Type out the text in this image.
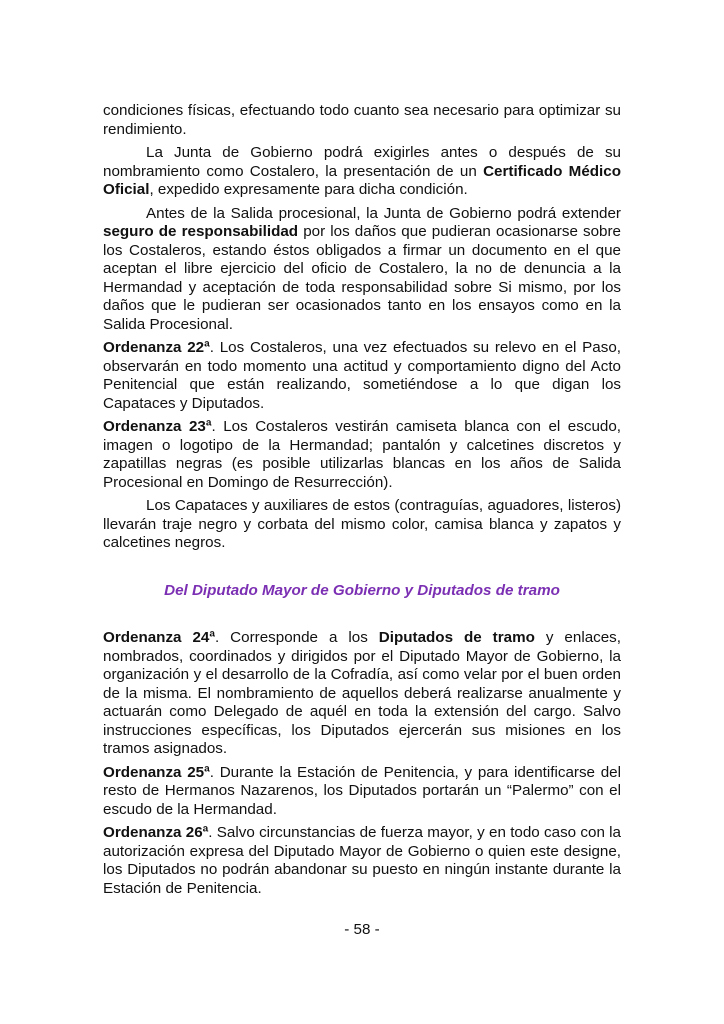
condiciones físicas, efectuando todo cuanto sea necesario para optimizar su rendimiento.

La Junta de Gobierno podrá exigirles antes o después de su nombramiento como Costalero, la presentación de un Certificado Médico Oficial, expedido expresamente para dicha condición.

Antes de la Salida procesional, la Junta de Gobierno podrá extender seguro de responsabilidad por los daños que pudieran ocasionarse sobre los Costaleros, estando éstos obligados a firmar un documento en el que aceptan el libre ejercicio del oficio de Costalero, la no de denuncia a la Hermandad y aceptación de toda responsabilidad sobre Si mismo, por los daños que le pudieran ser ocasionados tanto en los ensayos como en la Salida Procesional.

Ordenanza 22ª. Los Costaleros, una vez efectuados su relevo en el Paso, observarán en todo momento una actitud y comportamiento digno del Acto Penitencial que están realizando, sometiéndose a lo que digan los Capataces y Diputados.

Ordenanza 23ª. Los Costaleros vestirán camiseta blanca con el escudo, imagen o logotipo de la Hermandad; pantalón y calcetines discretos y zapatillas negras (es posible utilizarlas blancas en los años de Salida Procesional en Domingo de Resurrección).

Los Capataces y auxiliares de estos (contraguías, aguadores, listeros) llevarán traje negro y corbata del mismo color, camisa blanca y zapatos y calcetines negros.

Del Diputado Mayor de Gobierno y Diputados de tramo

Ordenanza 24ª. Corresponde a los Diputados de tramo y enlaces, nombrados, coordinados y dirigidos por el Diputado Mayor de Gobierno, la organización y el desarrollo de la Cofradía, así como velar por el buen orden de la misma. El nombramiento de aquellos deberá realizarse anualmente y actuarán como Delegado de aquél en toda la extensión del cargo. Salvo instrucciones específicas, los Diputados ejercerán sus misiones en los tramos asignados.

Ordenanza 25ª. Durante la Estación de Penitencia, y para identificarse del resto de Hermanos Nazarenos, los Diputados portarán un “Palermo” con el escudo de la Hermandad.

Ordenanza 26ª. Salvo circunstancias de fuerza mayor, y en todo caso con la autorización expresa del Diputado Mayor de Gobierno o quien este designe, los Diputados no podrán abandonar su puesto en ningún instante durante la Estación de Penitencia.

- 58 -
